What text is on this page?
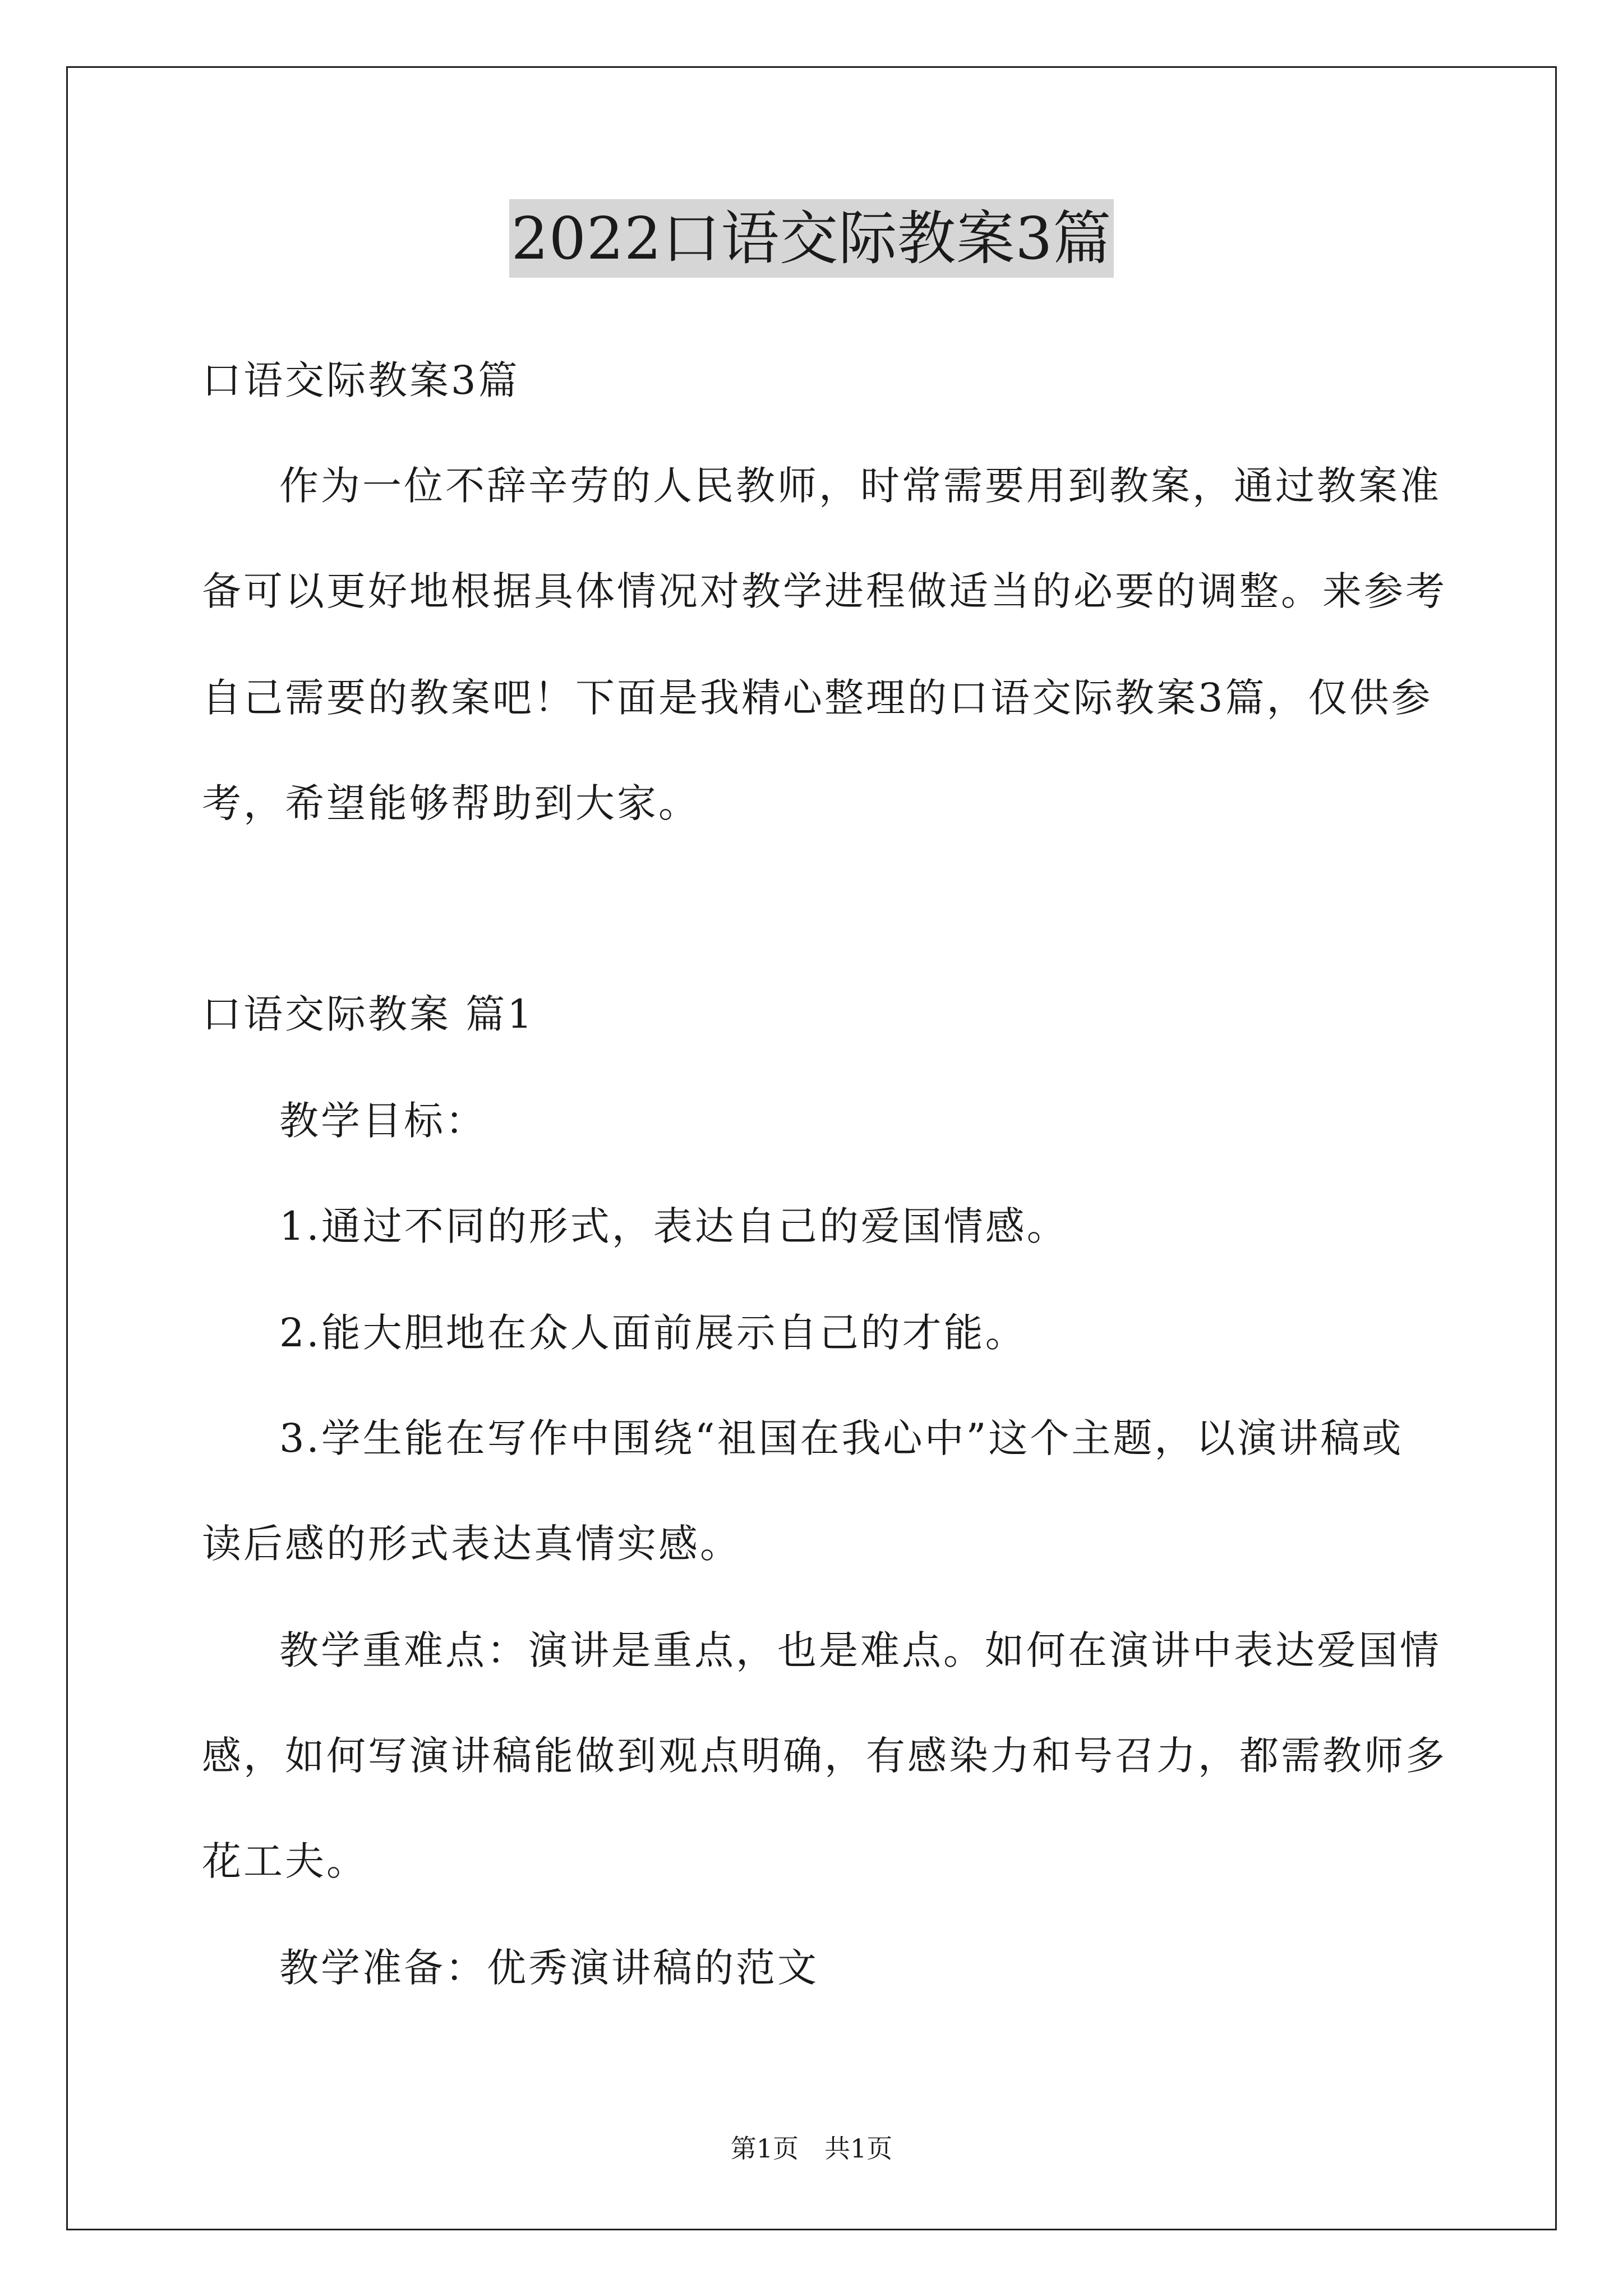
2022口语交际教案3篇
口语交际教案3篇
作为一位不辞辛劳的人民教师，时常需要用到教案，通过教案准
备可以更好地根据具体情况对教学进程做适当的必要的调整。来参考
自己需要的教案吧！下面是我精心整理的口语交际教案3篇，仅供参
考，希望能够帮助到大家。
口语交际教案 篇1
教学目标：
1.通过不同的形式，表达自己的爱国情感。
2.能大胆地在众人面前展示自己的才能。
3.学生能在写作中围绕“祖国在我心中”这个主题，以演讲稿或
读后感的形式表达真情实感。
教学重难点：演讲是重点，也是难点。如何在演讲中表达爱国情
感，如何写演讲稿能做到观点明确，有感染力和号召力，都需教师多
花工夫。
教学准备：优秀演讲稿的范文
第1页　共1页
